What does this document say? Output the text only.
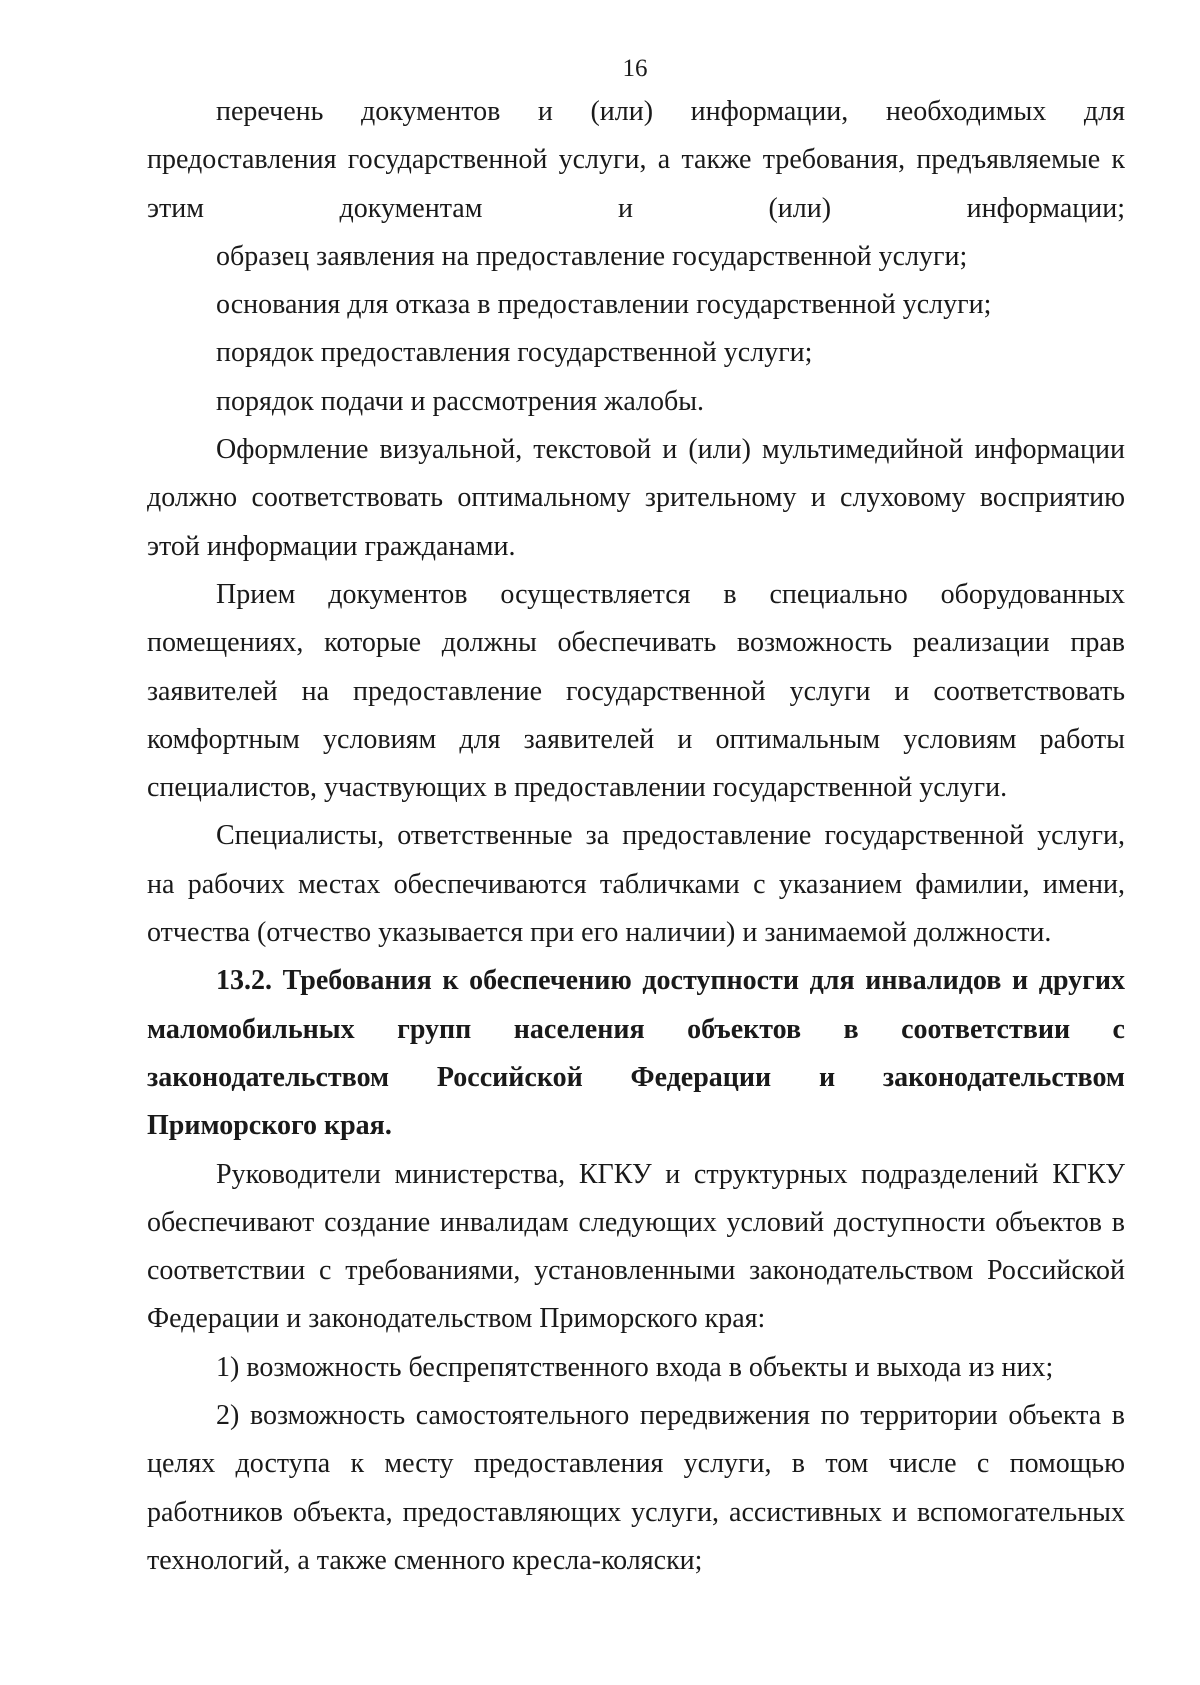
16

перечень документов и (или) информации, необходимых для предоставления государственной услуги, а также требования, предъявляемые к этим документам и (или) информации;

образец заявления на предоставление государственной услуги;

основания для отказа в предоставлении государственной услуги;

порядок предоставления государственной услуги;

порядок подачи и рассмотрения жалобы.

Оформление визуальной, текстовой и (или) мультимедийной информации должно соответствовать оптимальному зрительному и слуховому восприятию этой информации гражданами.

Прием документов осуществляется в специально оборудованных помещениях, которые должны обеспечивать возможность реализации прав заявителей на предоставление государственной услуги и соответствовать комфортным условиям для заявителей и оптимальным условиям работы специалистов, участвующих в предоставлении государственной услуги.

Специалисты, ответственные за предоставление государственной услуги, на рабочих местах обеспечиваются табличками с указанием фамилии, имени, отчества (отчество указывается при его наличии) и занимаемой должности.

13.2. Требования к обеспечению доступности для инвалидов и других маломобильных групп населения объектов в соответствии с законодательством Российской Федерации и законодательством Приморского края.

Руководители министерства, КГКУ и структурных подразделений КГКУ обеспечивают создание инвалидам следующих условий доступности объектов в соответствии с требованиями, установленными законодательством Российской Федерации и законодательством Приморского края:

1) возможность беспрепятственного входа в объекты и выхода из них;

2) возможность самостоятельного передвижения по территории объекта в целях доступа к месту предоставления услуги, в том числе с помощью работников объекта, предоставляющих услуги, ассистивных и вспомогательных технологий, а также сменного кресла-коляски;
